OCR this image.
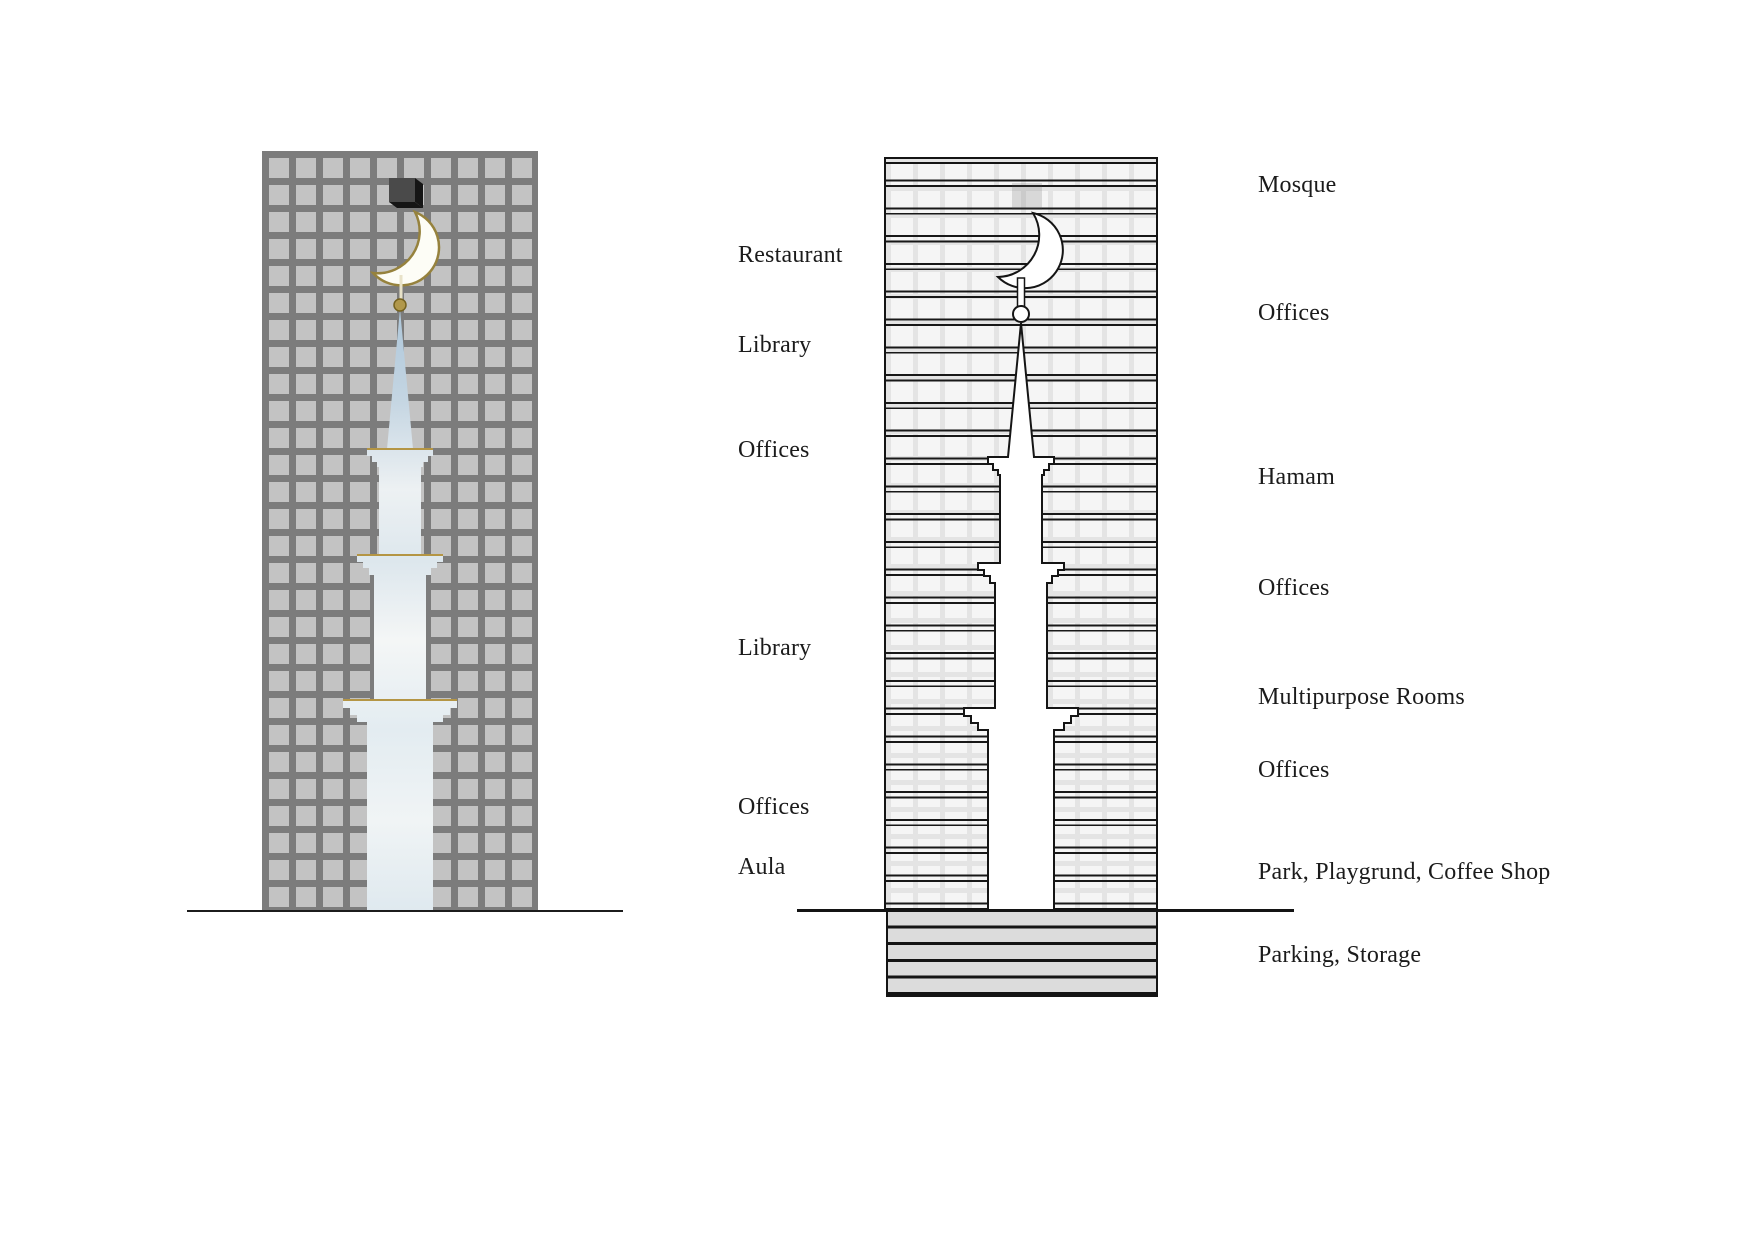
Restaurant
Library
Offices
Library
Offices
Aula
Mosque
Offices
Hamam
Offices
Multipurpose Rooms
Offices
Park, Playgrund, Coffee Shop
Parking, Storage
